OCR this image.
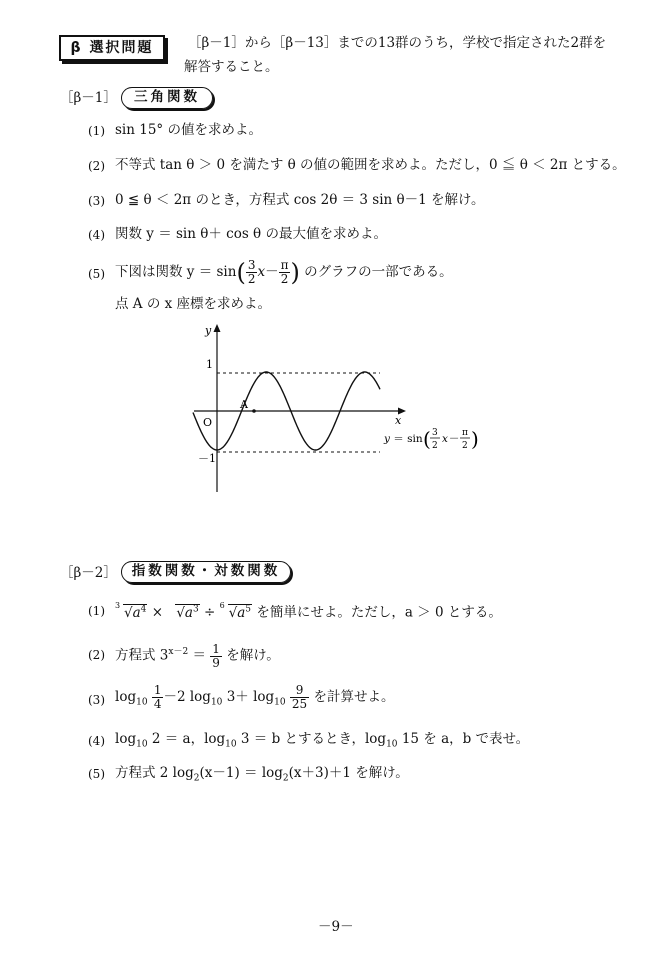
β 選択問題	［β－1］から［β－13］までの13群のうち，学校で指定された2群を
解答すること。
［β－1］	三角関数
(1) sin 15° の値を求めよ。
(2) 不等式 tan θ ＞ 0 を満たす θ の値の範囲を求めよ。ただし，0 ≦ θ ＜ 2π とする。
(3) 0 ≦ θ ＜ 2π のとき，方程式 cos 2θ ＝ 3 sin θ－1 を解け。
(4) 関数 y ＝ sin θ＋ cos θ の最大値を求めよ。
(5) 下図は関数 $y = \sin( \frac{3}{2} x- \frac{\pi}{2}$ ) のグラフの一部である。
点 A の x 座標を求めよ。
A
y
x
O
1
－1
y ＝ sin ( 3
2
x－ π
2 )
［β－2］	指数関数・対数関数
(1) 3 $√a^4 \times √a^3 \div 6$ $√a^5$ を簡単にせよ。ただし，a ＞ 0 とする。
(2) 方程式 $3^{x-2} = \frac{1}{9}$ を解け。
(3) $\log_{10} \frac{1}{4} -2$ $\log_{10} 3+ \log_{10} \frac{9}{25}$ を計算せよ。
(4) $\log_{10} 2 = a$，$\log_{10} 3 = b$ とするとき，$\log_{10} 15$ を a，b で表せ。
(5) 方程式 2 $\log_2(x-1) = \log_2(x+3)+1$ を解け。
－9－
